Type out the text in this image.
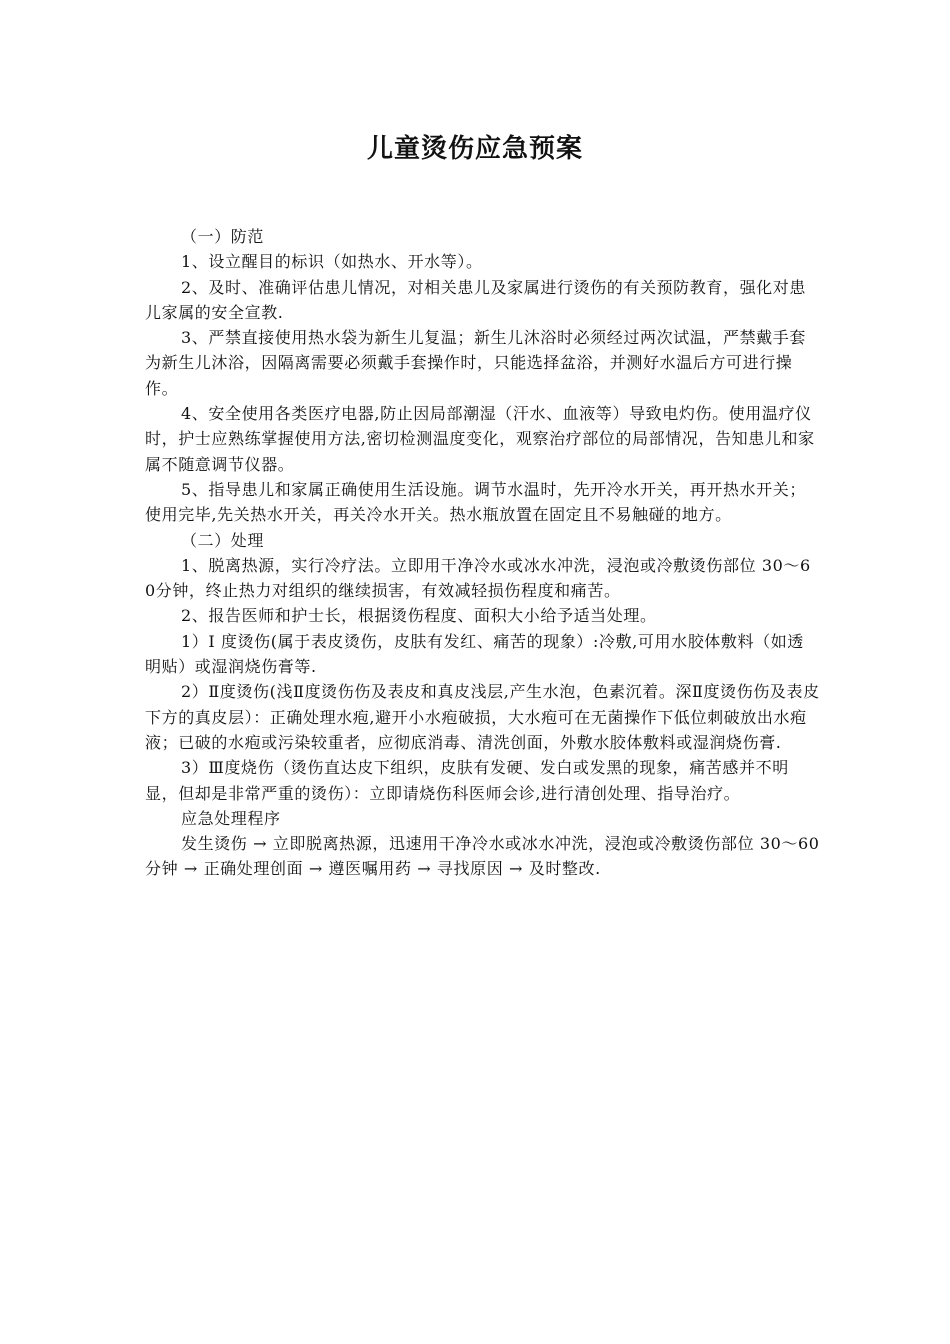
儿童烫伤应急预案

（一）防范

1、设立醒目的标识（如热水、开水等）。

2、及时、准确评估患儿情况，对相关患儿及家属进行烫伤的有关预防教育，强化对患儿家属的安全宣教.

3、严禁直接使用热水袋为新生儿复温；新生儿沐浴时必须经过两次试温，严禁戴手套为新生儿沐浴，因隔离需要必须戴手套操作时，只能选择盆浴，并测好水温后方可进行操作。

4、安全使用各类医疗电器,防止因局部潮湿（汗水、血液等）导致电灼伤。使用温疗仪时，护士应熟练掌握使用方法,密切检测温度变化，观察治疗部位的局部情况，告知患儿和家属不随意调节仪器。

5、指导患儿和家属正确使用生活设施。调节水温时，先开冷水开关，再开热水开关；使用完毕,先关热水开关，再关冷水开关。热水瓶放置在固定且不易触碰的地方。

（二）处理

1、脱离热源，实行冷疗法。立即用干净冷水或冰水冲洗，浸泡或冷敷烫伤部位 30～60分钟，终止热力对组织的继续损害，有效减轻损伤程度和痛苦。

2、报告医师和护士长，根据烫伤程度、面积大小给予适当处理。

1）Ⅰ 度烫伤(属于表皮烫伤，皮肤有发红、痛苦的现象）:冷敷,可用水胶体敷料（如透明贴）或湿润烧伤膏等.

2）Ⅱ度烫伤(浅Ⅱ度烫伤伤及表皮和真皮浅层,产生水泡，色素沉着。深Ⅱ度烫伤伤及表皮下方的真皮层）：正确处理水疱,避开小水疱破损，大水疱可在无菌操作下低位刺破放出水疱液；已破的水疱或污染较重者，应彻底消毒、清洗创面，外敷水胶体敷料或湿润烧伤膏.

3）Ⅲ度烧伤（烫伤直达皮下组织，皮肤有发硬、发白或发黑的现象，痛苦感并不明显，但却是非常严重的烫伤）：立即请烧伤科医师会诊,进行清创处理、指导治疗。

应急处理程序

发生烫伤 → 立即脱离热源，迅速用干净冷水或冰水冲洗，浸泡或冷敷烫伤部位 30～60分钟 → 正确处理创面 → 遵医嘱用药 → 寻找原因 → 及时整改.
